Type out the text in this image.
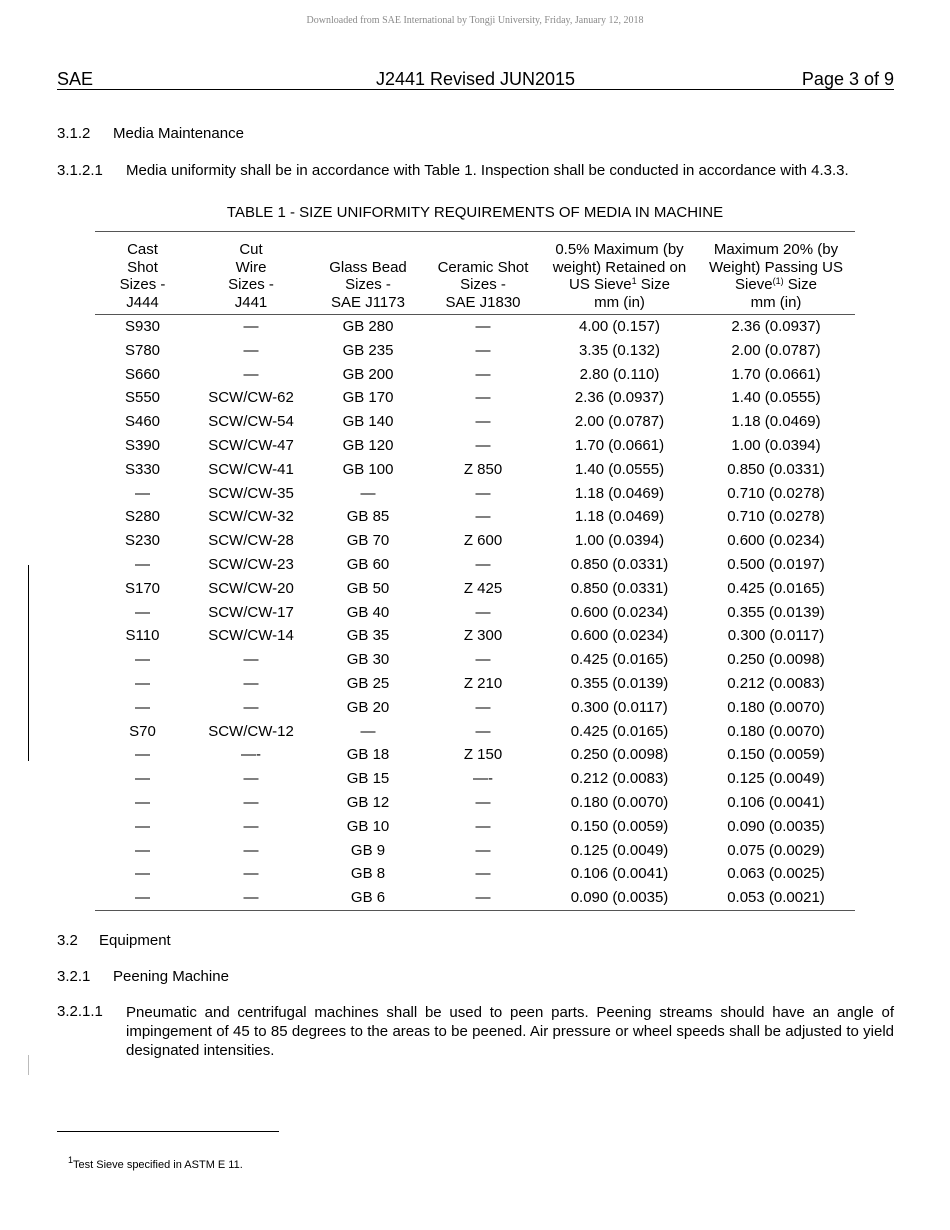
Downloaded from SAE International by Tongji University, Friday, January 12, 2018
J2441 Revised JUN2015
SAE	Page 3 of 9
3.1.2 Media Maintenance
3.1.2.1 Media uniformity shall be in accordance with Table 1. Inspection shall be conducted in accordance with 4.3.3.
TABLE 1 - SIZE UNIFORMITY REQUIREMENTS OF MEDIA IN MACHINE
Cast
Shot
Sizes -
J444	Cut
Wire
Sizes -
J441	Glass Bead
Sizes -
SAE J1173	Ceramic Shot
Sizes -
SAE J1830	0.5% Maximum (by
weight) Retained on
US Sieve$^1$ Size
mm (in)	Maximum 20% (by
Weight) Passing US
Sieve$^{(1)}$ Size
mm (in)
S930	—	GB 280	—	4.00 (0.157)	2.36 (0.0937)
S780	—	GB 235	—	3.35 (0.132)	2.00 (0.0787)
S660	—	GB 200	—	2.80 (0.110)	1.70 (0.0661)
S550	SCW/CW-62	GB 170	—	2.36 (0.0937)	1.40 (0.0555)
S460	SCW/CW-54	GB 140	—	2.00 (0.0787)	1.18 (0.0469)
S390	SCW/CW-47	GB 120	—	1.70 (0.0661)	1.00 (0.0394)
S330	SCW/CW-41	GB 100	Z 850	1.40 (0.0555)	0.850 (0.0331)
—	SCW/CW-35	—	—	1.18 (0.0469)	0.710 (0.0278)
S280	SCW/CW-32	GB 85	—	1.18 (0.0469)	0.710 (0.0278)
S230	SCW/CW-28	GB 70	Z 600	1.00 (0.0394)	0.600 (0.0234)
—	SCW/CW-23	GB 60	—	0.850 (0.0331)	0.500 (0.0197)
S170	SCW/CW-20	GB 50	Z 425	0.850 (0.0331)	0.425 (0.0165)
—	SCW/CW-17	GB 40	—	0.600 (0.0234)	0.355 (0.0139)
S110	SCW/CW-14	GB 35	Z 300	0.600 (0.0234)	0.300 (0.0117)
—	—	GB 30	—	0.425 (0.0165)	0.250 (0.0098)
—	—	GB 25	Z 210	0.355 (0.0139)	0.212 (0.0083)
—	—	GB 20	—	0.300 (0.0117)	0.180 (0.0070)
S70	SCW/CW-12	—	—	0.425 (0.0165)	0.180 (0.0070)
—	—-	GB 18	Z 150	0.250 (0.0098)	0.150 (0.0059)
—	—	GB 15	—-	0.212 (0.0083)	0.125 (0.0049)
—	—	GB 12	—	0.180 (0.0070)	0.106 (0.0041)
—	—	GB 10	—	0.150 (0.0059)	0.090 (0.0035)
—	—	GB 9	—	0.125 (0.0049)	0.075 (0.0029)
—	—	GB 8	—	0.106 (0.0041)	0.063 (0.0025)
—	—	GB 6	—	0.090 (0.0035)	0.053 (0.0021)
3.2 Equipment
3.2.1 Peening Machine
3.2.1.1 Pneumatic and centrifugal machines shall be used to peen parts. Peening streams should have an angle of impingement of 45 to 85 degrees to the areas to be peened. Air pressure or wheel speeds shall be adjusted to yield designated intensities.
$^1$Test Sieve specified in ASTM E 11.
